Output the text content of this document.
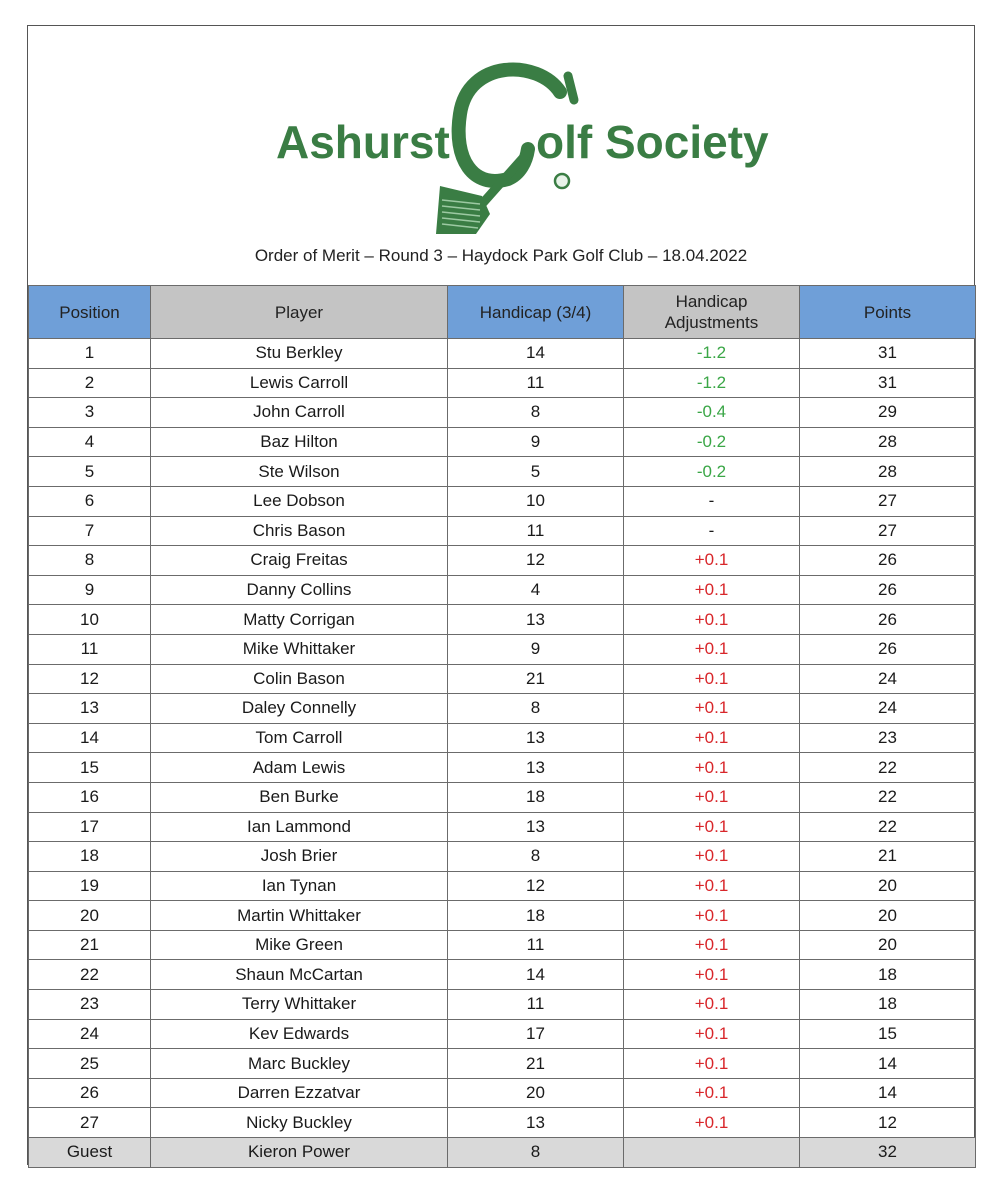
Ashurst olf Society
Order of Merit – Round 3 – Haydock Park Golf Club – 18.04.2022
Position	Player	Handicap (3/4)	Handicap Adjustments	Points
1	Stu Berkley	14	-1.2	31
2	Lewis Carroll	11	-1.2	31
3	John Carroll	8	-0.4	29
4	Baz Hilton	9	-0.2	28
5	Ste Wilson	5	-0.2	28
6	Lee Dobson	10	-	27
7	Chris Bason	11	-	27
8	Craig Freitas	12	+0.1	26
9	Danny Collins	4	+0.1	26
10	Matty Corrigan	13	+0.1	26
11	Mike Whittaker	9	+0.1	26
12	Colin Bason	21	+0.1	24
13	Daley Connelly	8	+0.1	24
14	Tom Carroll	13	+0.1	23
15	Adam Lewis	13	+0.1	22
16	Ben Burke	18	+0.1	22
17	Ian Lammond	13	+0.1	22
18	Josh Brier	8	+0.1	21
19	Ian Tynan	12	+0.1	20
20	Martin Whittaker	18	+0.1	20
21	Mike Green	11	+0.1	20
22	Shaun McCartan	14	+0.1	18
23	Terry Whittaker	11	+0.1	18
24	Kev Edwards	17	+0.1	15
25	Marc Buckley	21	+0.1	14
26	Darren Ezzatvar	20	+0.1	14
27	Nicky Buckley	13	+0.1	12
Guest	Kieron Power	8		32
